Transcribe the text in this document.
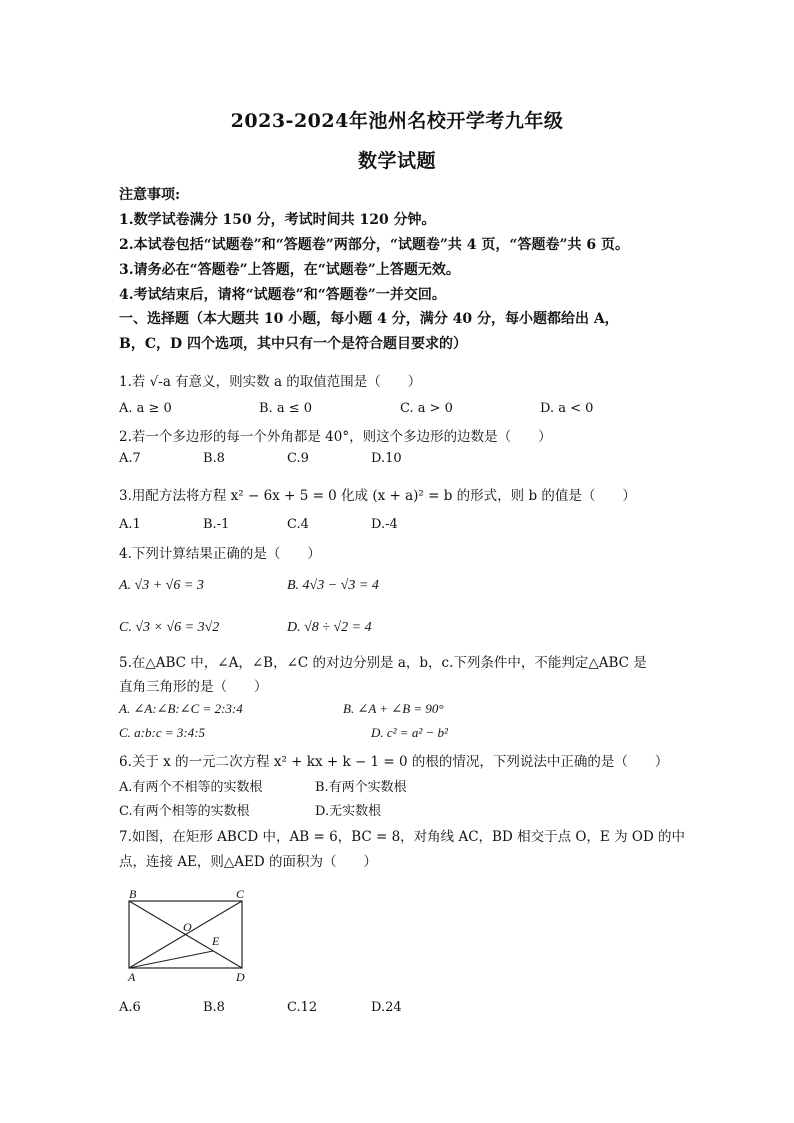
2023-2024年池州名校开学考九年级
数学试题
注意事项:
1.数学试卷满分 150 分，考试时间共 120 分钟。
2.本试卷包括“试题卷”和“答题卷”两部分，“试题卷”共 4 页，“答题卷”共 6 页。
3.请务必在“答题卷”上答题，在“试题卷”上答题无效。
4.考试结束后，请将“试题卷”和“答题卷”一并交回。
一、选择题（本大题共 10 小题，每小题 4 分，满分 40 分，每小题都给出 A，
B，C，D 四个选项，其中只有一个是符合题目要求的）
1.若 √-a 有意义，则实数 a 的取值范围是（　　）
A. a ≥ 0	B. a ≤ 0	C. a > 0	D. a < 0
2.若一个多边形的每一个外角都是 40°，则这个多边形的边数是（　　）
A.7	B.8	C.9	D.10
3.用配方法将方程 x² − 6x + 5 = 0 化成 (x + a)² = b 的形式，则 b 的值是（　　）
A.1	B.-1	C.4	D.-4
4.下列计算结果正确的是（　　）
A. √3 + √6 = 3	B. 4√3 − √3 = 4
C. √3 × √6 = 3√2	D. √8 ÷ √2 = 4
5.在△ABC 中，∠A，∠B，∠C 的对边分别是 a，b，c.下列条件中，不能判定△ABC 是
直角三角形的是（　　）
A. ∠A:∠B:∠C = 2:3:4	B. ∠A + ∠B = 90°
C. a:b:c = 3:4:5	D. c² = a² − b²
6.关于 x 的一元二次方程 x² + kx + k − 1 = 0 的根的情况，下列说法中正确的是（　　）
A.有两个不相等的实数根	B.有两个实数根
C.有两个相等的实数根	D.无实数根
7.如图，在矩形 ABCD 中，AB = 6，BC = 8，对角线 AC，BD 相交于点 O，E 为 OD 的中
点，连接 AE，则△AED 的面积为（　　）
B	C
O
E
A	D
A.6	B.8	C.12	D.24
